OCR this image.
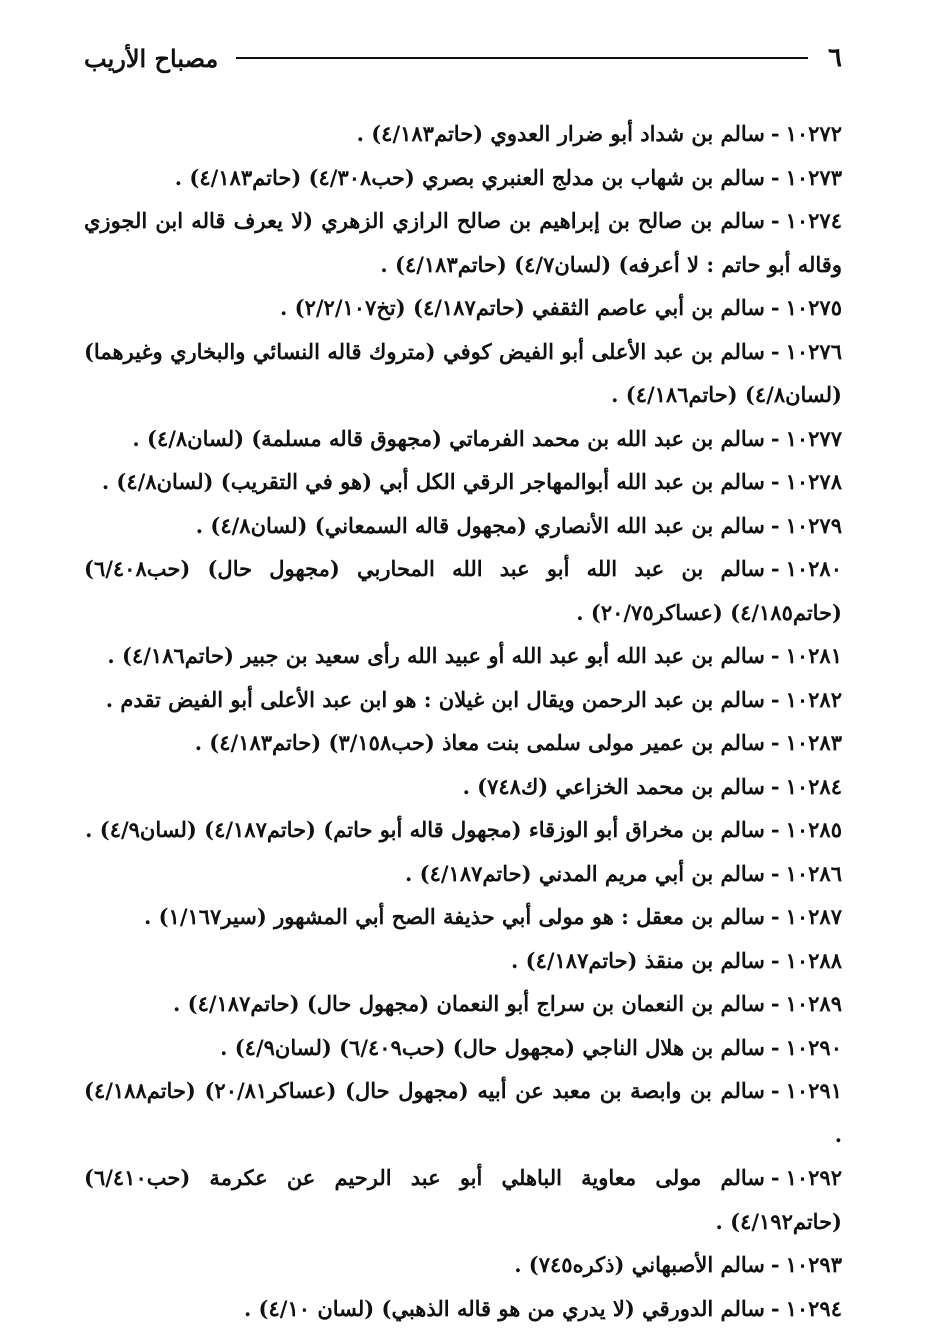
٦
مصباح الأريب

١٠٢٧٢-سالم بن شداد أبو ضرار العدوي (حاتم٤/١٨٣) .

١٠٢٧٣-سالم بن شهاب بن مدلج العنبري بصري (حب٤/٣٠٨) (حاتم٤/١٨٣) .

١٠٢٧٤-سالم بن صالح بن إبراهيم بن صالح الرازي الزهري (لا يعرف قاله ابن الجوزي وقاله أبو حاتم : لا أعرفه) (لسان٤/٧) (حاتم٤/١٨٣) .

١٠٢٧٥-سالم بن أبي عاصم الثقفي (حاتم٤/١٨٧) (تخ٢/٢/١٠٧) .

١٠٢٧٦-سالم بن عبد الأعلى أبو الفيض كوفي (متروك قاله النسائي والبخاري وغيرهما) (لسان٤/٨) (حاتم٤/١٨٦) .

١٠٢٧٧-سالم بن عبد الله بن محمد الفرماتي (مجهوق قاله مسلمة) (لسان٤/٨) .

١٠٢٧٨-سالم بن عبد الله أبوالمهاجر الرقي الكل أبي (هو في التقريب) (لسان٤/٨) .

١٠٢٧٩-سالم بن عبد الله الأنصاري (مجهول قاله السمعاني) (لسان٤/٨) .

١٠٢٨٠-سالم بن عبد الله أبو عبد الله المحاربي (مجهول حال) (حب٦/٤٠٨) (حاتم٤/١٨٥) (عساكر٢٠/٧٥) .

١٠٢٨١-سالم بن عبد الله أبو عبد الله أو عبيد الله رأى سعيد بن جبير (حاتم٤/١٨٦) .

١٠٢٨٢-سالم بن عبد الرحمن ويقال ابن غيلان : هو ابن عبد الأعلى أبو الفيض تقدم .

١٠٢٨٣-سالم بن عمير مولى سلمى بنت معاذ (حب٣/١٥٨) (حاتم٤/١٨٣) .

١٠٢٨٤-سالم بن محمد الخزاعي (ك٧٤٨) .

١٠٢٨٥-سالم بن مخراق أبو الوزقاء (مجهول قاله أبو حاتم) (حاتم٤/١٨٧) (لسان٤/٩) .

١٠٢٨٦-سالم بن أبي مريم المدني (حاتم٤/١٨٧) .

١٠٢٨٧-سالم بن معقل : هو مولى أبي حذيفة الصح أبي المشهور (سير١/١٦٧) .

١٠٢٨٨-سالم بن منقذ (حاتم٤/١٨٧) .

١٠٢٨٩-سالم بن النعمان بن سراج أبو النعمان (مجهول حال) (حاتم٤/١٨٧) .

١٠٢٩٠-سالم بن هلال الناجي (مجهول حال) (حب٦/٤٠٩) (لسان٤/٩) .

١٠٢٩١-سالم بن وابصة بن معبد عن أبيه (مجهول حال) (عساكر٢٠/٨١) (حاتم٤/١٨٨) .

١٠٢٩٢-سالم مولى معاوية الباهلي أبو عبد الرحيم عن عكرمة (حب٦/٤١٠) (حاتم٤/١٩٢) .

١٠٢٩٣-سالم الأصبهاني (ذكره٧٤٥) .

١٠٢٩٤-سالم الدورقي (لا يدري من هو قاله الذهبي) (لسان ٤/١٠) .
